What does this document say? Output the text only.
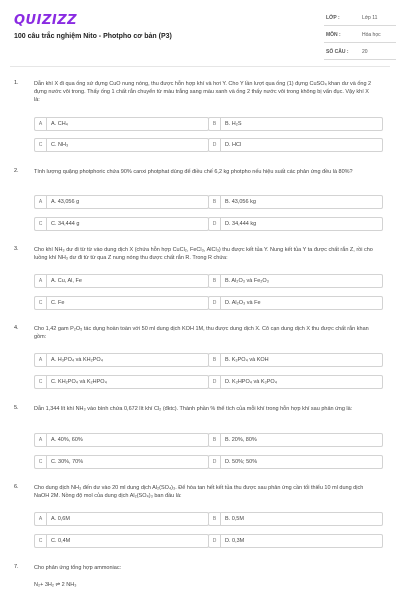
QUIZIZZ
100 câu trắc nghiệm Nito - Photpho cơ bản (P3)
LỚP :	Lớp 11
MÔN :	Hóa học
SỐ CÂU :	20
1.	Dẫn khí X đi qua ống sứ đựng CuO nung nóng, thu được hỗn hợp khí và hơi Y. Cho Y lần lượt qua ống (1) đựng CuSO₄ khan dư và ống 2 đựng nước vôi trong. Thấy ống 1 chất rắn chuyển từ màu trắng sang màu xanh và ống 2 thấy nước vôi trong không bị vẩn đục. Vậy khí X là:
A	A. CH₄	B	B. H₂S
C	C. NH₃	D	D. HCl
2.	Tính lượng quặng photphoric chứa 90% canxi photphat dùng để điều chế 6,2 kg photpho nếu hiệu suất các phản ứng đều là 80%?
A	A. 43,056 g	B	B. 43,056 kg
C	C. 34,444 g	D	D. 34,444 kg
3.	Cho khí NH₃ dư đi từ từ vào dung dịch X (chứa hỗn hợp CuCl₂, FeCl₃, AlCl₃) thu được kết tủa Y. Nung kết tủa Y ta được chất rắn Z, rồi cho luồng khí NH₃ dư đi từ từ qua Z nung nóng thu được chất rắn R. Trong R chứa:
A	A. Cu, Al, Fe	B	B. Al₂O₃ và Fe₂O₃
C	C. Fe	D	D. Al₂O₃ và Fe
4.	Cho 1,42 gam P₂O₅ tác dụng hoàn toàn với 50 ml dung dịch KOH 1M, thu được dung dịch X. Cô cạn dung dịch X thu được chất rắn khan gồm:
A	A. H₃PO₄ và KH₂PO₄	B	B. K₃PO₄ và KOH
C	C. KH₂PO₄ và K₂HPO₄	D	D. K₂HPO₄ và K₃PO₄
5.	Dẫn 1,344 lít khí NH₃ vào bình chứa 0,672 lít khí Cl₂ (đktc). Thành phần % thể tích của mỗi khí trong hỗn hợp khí sau phản ứng là:
A	A. 40%, 60%	B	B. 20%, 80%
C	C. 30%, 70%	D	D. 50%; 50%
6.	Cho dung dịch NH₃ đến dư vào 20 ml dung dịch Al₂(SO₄)₃. Để hòa tan hết kết tủa thu được sau phản ứng cần tối thiểu 10 ml dung dịch NaOH 2M. Nồng độ mol của dung dịch Al₂(SO₄)₃ ban đầu là:
A	A. 0,6M	B	B. 0,5M
C	C. 0,4M	D	D. 0,3M
7.	Cho phản ứng tổng hợp ammoniac:
N₂+ 3H₂ ⇌ 2 NH₃
